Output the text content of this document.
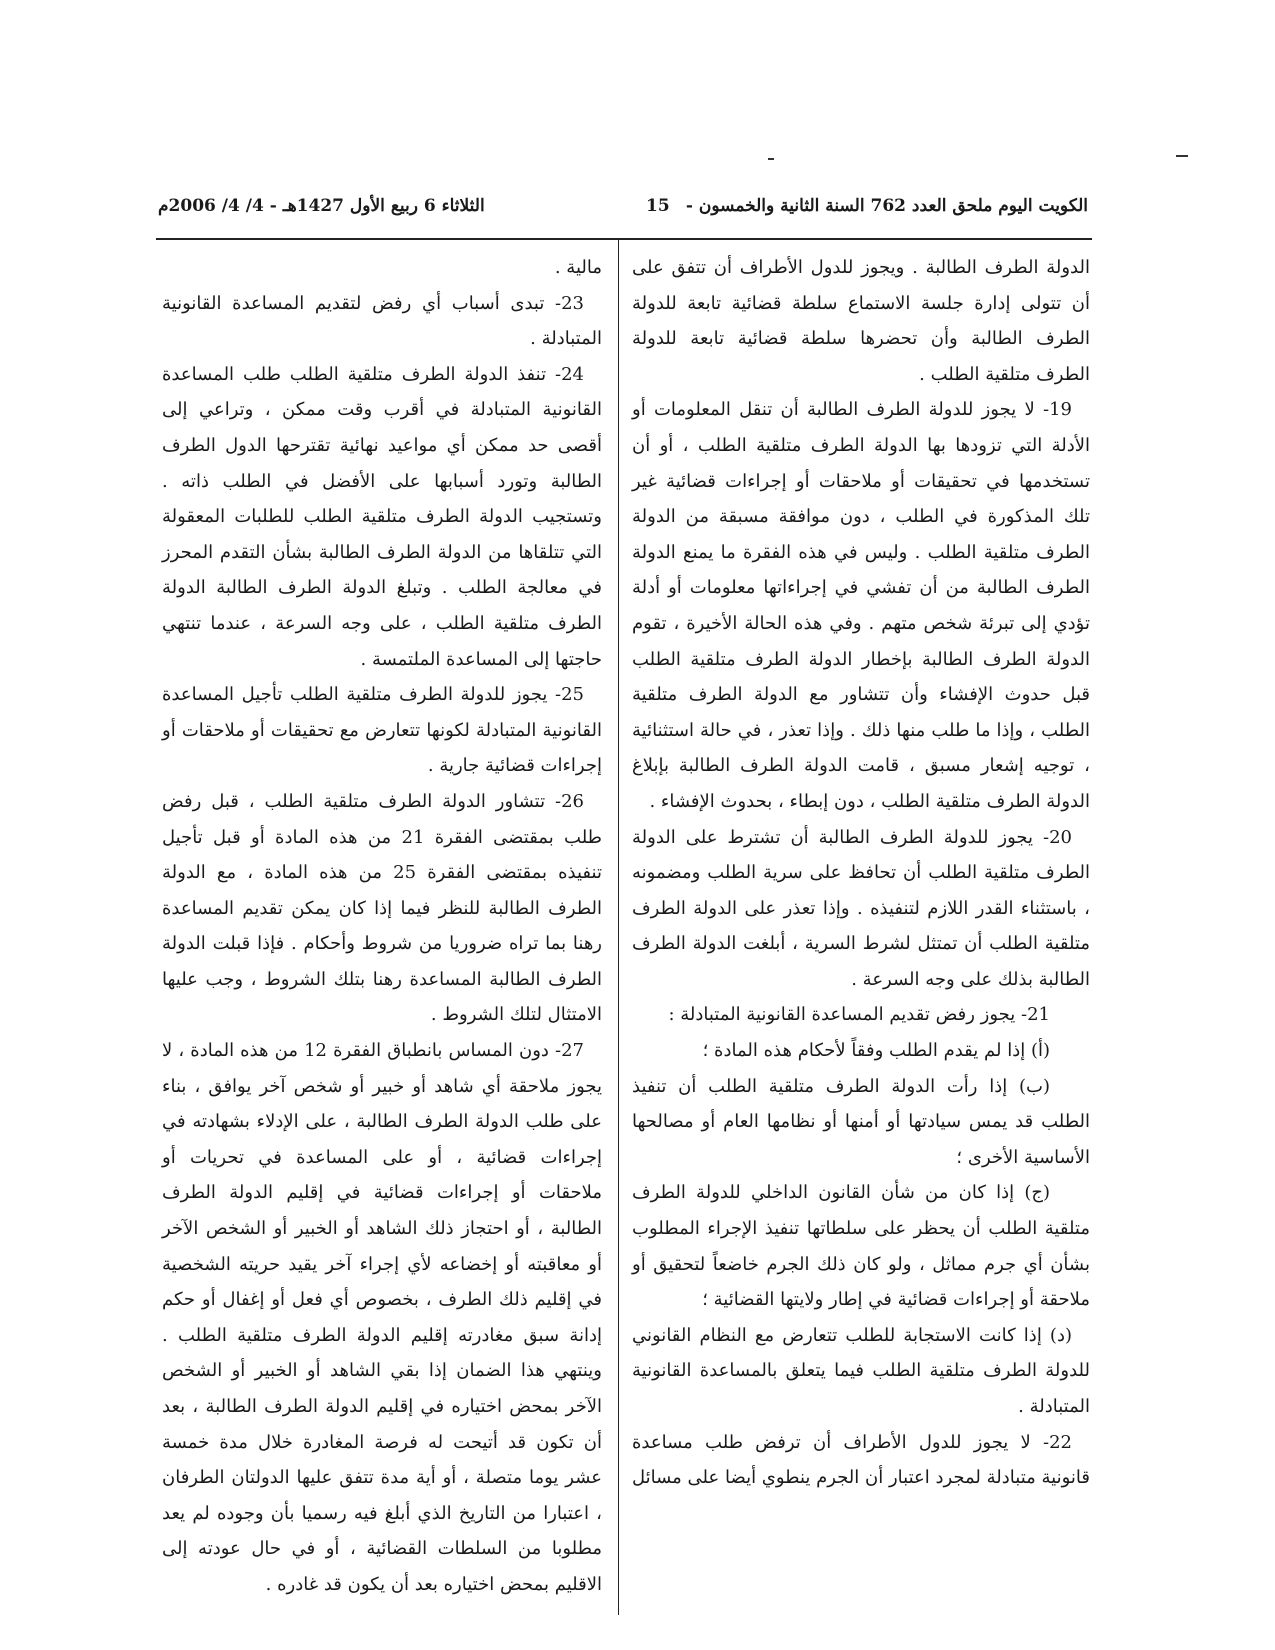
الكويت اليوم ملحق العدد 762 السنة الثانية والخمسون -
15
الثلاثاء 6 ربيع الأول 1427هـ - 4/ 4/ 2006م

الدولة الطرف الطالبة . ويجوز للدول الأطراف أن تتفق على أن تتولى إدارة جلسة الاستماع سلطة قضائية تابعة للدولة الطرف الطالبة وأن تحضرها سلطة قضائية تابعة للدولة الطرف متلقية الطلب .

19- لا يجوز للدولة الطرف الطالبة أن تنقل المعلومات أو الأدلة التي تزودها بها الدولة الطرف متلقية الطلب ، أو أن تستخدمها في تحقيقات أو ملاحقات أو إجراءات قضائية غير تلك المذكورة في الطلب ، دون موافقة مسبقة من الدولة الطرف متلقية الطلب . وليس في هذه الفقرة ما يمنع الدولة الطرف الطالبة من أن تفشي في إجراءاتها معلومات أو أدلة تؤدي إلى تبرئة شخص متهم . وفي هذه الحالة الأخيرة ، تقوم الدولة الطرف الطالبة بإخطار الدولة الطرف متلقية الطلب قبل حدوث الإفشاء وأن تتشاور مع الدولة الطرف متلقية الطلب ، وإذا ما طلب منها ذلك . وإذا تعذر ، في حالة استثنائية ، توجيه إشعار مسبق ، قامت الدولة الطرف الطالبة بإبلاغ الدولة الطرف متلقية الطلب ، دون إبطاء ، بحدوث الإفشاء .

20- يجوز للدولة الطرف الطالبة أن تشترط على الدولة الطرف متلقية الطلب أن تحافظ على سرية الطلب ومضمونه ، باستثناء القدر اللازم لتنفيذه . وإذا تعذر على الدولة الطرف متلقية الطلب أن تمتثل لشرط السرية ، أبلغت الدولة الطرف الطالبة بذلك على وجه السرعة .

21- يجوز رفض تقديم المساعدة القانونية المتبادلة :

(أ) إذا لم يقدم الطلب وفقاً لأحكام هذه المادة ؛

(ب) إذا رأت الدولة الطرف متلقية الطلب أن تنفيذ الطلب قد يمس سيادتها أو أمنها أو نظامها العام أو مصالحها الأساسية الأخرى ؛

(ج) إذا كان من شأن القانون الداخلي للدولة الطرف متلقية الطلب أن يحظر على سلطاتها تنفيذ الإجراء المطلوب بشأن أي جرم مماثل ، ولو كان ذلك الجرم خاضعاً لتحقيق أو ملاحقة أو إجراءات قضائية في إطار ولايتها القضائية ؛

(د) إذا كانت الاستجابة للطلب تتعارض مع النظام القانوني للدولة الطرف متلقية الطلب فيما يتعلق بالمساعدة القانونية المتبادلة .

22- لا يجوز للدول الأطراف أن ترفض طلب مساعدة قانونية متبادلة لمجرد اعتبار أن الجرم ينطوي أيضا على مسائل

مالية .

23- تبدى أسباب أي رفض لتقديم المساعدة القانونية المتبادلة .

24- تنفذ الدولة الطرف متلقية الطلب طلب المساعدة القانونية المتبادلة في أقرب وقت ممكن ، وتراعي إلى أقصى حد ممكن أي مواعيد نهائية تقترحها الدول الطرف الطالبة وتورد أسبابها على الأفضل في الطلب ذاته . وتستجيب الدولة الطرف متلقية الطلب للطلبات المعقولة التي تتلقاها من الدولة الطرف الطالبة بشأن التقدم المحرز في معالجة الطلب . وتبلغ الدولة الطرف الطالبة الدولة الطرف متلقية الطلب ، على وجه السرعة ، عندما تنتهي حاجتها إلى المساعدة الملتمسة .

25- يجوز للدولة الطرف متلقية الطلب تأجيل المساعدة القانونية المتبادلة لكونها تتعارض مع تحقيقات أو ملاحقات أو إجراءات قضائية جارية .

26- تتشاور الدولة الطرف متلقية الطلب ، قبل رفض طلب بمقتضى الفقرة 21 من هذه المادة أو قبل تأجيل تنفيذه بمقتضى الفقرة 25 من هذه المادة ، مع الدولة الطرف الطالبة للنظر فيما إذا كان يمكن تقديم المساعدة رهنا بما تراه ضروريا من شروط وأحكام . فإذا قبلت الدولة الطرف الطالبة المساعدة رهنا بتلك الشروط ، وجب عليها الامتثال لتلك الشروط .

27- دون المساس بانطباق الفقرة 12 من هذه المادة ، لا يجوز ملاحقة أي شاهد أو خبير أو شخص آخر يوافق ، بناء على طلب الدولة الطرف الطالبة ، على الإدلاء بشهادته في إجراءات قضائية ، أو على المساعدة في تحريات أو ملاحقات أو إجراءات قضائية في إقليم الدولة الطرف الطالبة ، أو احتجاز ذلك الشاهد أو الخبير أو الشخص الآخر أو معاقبته أو إخضاعه لأي إجراء آخر يقيد حريته الشخصية في إقليم ذلك الطرف ، بخصوص أي فعل أو إغفال أو حكم إدانة سبق مغادرته إقليم الدولة الطرف متلقية الطلب . وينتهي هذا الضمان إذا بقي الشاهد أو الخبير أو الشخص الآخر بمحض اختياره في إقليم الدولة الطرف الطالبة ، بعد أن تكون قد أتيحت له فرصة المغادرة خلال مدة خمسة عشر يوما متصلة ، أو أية مدة تتفق عليها الدولتان الطرفان ، اعتبارا من التاريخ الذي أبلغ فيه رسميا بأن وجوده لم يعد مطلوبا من السلطات القضائية ، أو في حال عودته إلى الاقليم بمحض اختياره بعد أن يكون قد غادره .
